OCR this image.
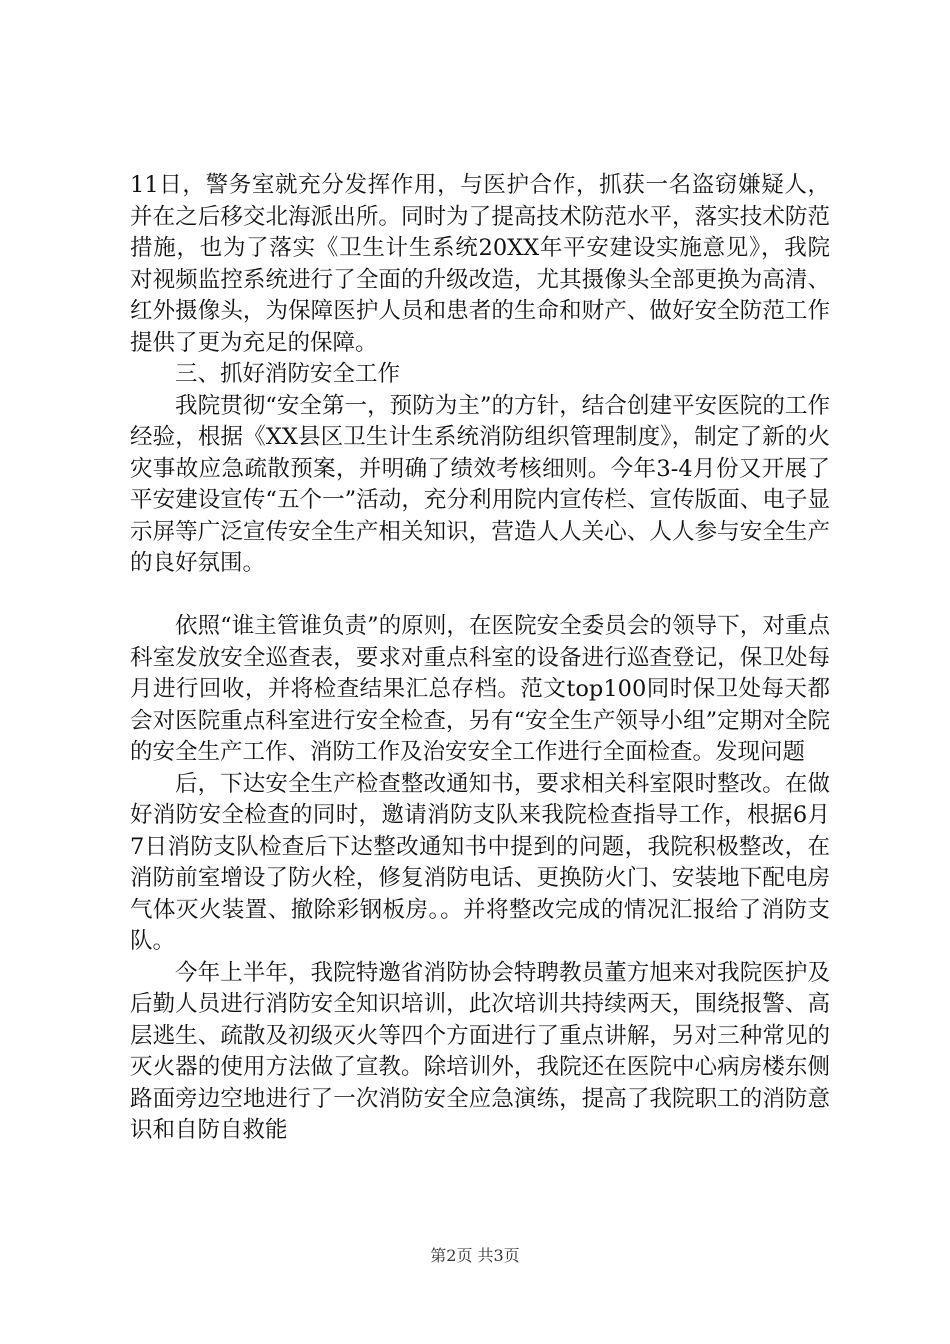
11日，警务室就充分发挥作用，与医护合作，抓获一名盗窃嫌疑人，并在之后移交北海派出所。同时为了提高技术防范水平，落实技术防范措施，也为了落实《卫生计生系统20XX年平安建设实施意见》，我院对视频监控系统进行了全面的升级改造，尤其摄像头全部更换为高清、红外摄像头，为保障医护人员和患者的生命和财产、做好安全防范工作提供了更为充足的保障。

三、抓好消防安全工作

我院贯彻“安全第一，预防为主”的方针，结合创建平安医院的工作经验，根据《XX县区卫生计生系统消防组织管理制度》，制定了新的火灾事故应急疏散预案，并明确了绩效考核细则。今年3-4月份又开展了平安建设宣传“五个一”活动，充分利用院内宣传栏、宣传版面、电子显示屏等广泛宣传安全生产相关知识，营造人人关心、人人参与安全生产的良好氛围。

依照“谁主管谁负责”的原则，在医院安全委员会的领导下，对重点科室发放安全巡查表，要求对重点科室的设备进行巡查登记，保卫处每月进行回收，并将检查结果汇总存档。范文top100同时保卫处每天都会对医院重点科室进行安全检查，另有“安全生产领导小组”定期对全院的安全生产工作、消防工作及治安安全工作进行全面检查。发现问题

后，下达安全生产检查整改通知书，要求相关科室限时整改。在做好消防安全检查的同时，邀请消防支队来我院检查指导工作，根据6月7日消防支队检查后下达整改通知书中提到的问题，我院积极整改，在消防前室增设了防火栓，修复消防电话、更换防火门、安装地下配电房气体灭火装置、撤除彩钢板房。。并将整改完成的情况汇报给了消防支队。

今年上半年，我院特邀省消防协会特聘教员董方旭来对我院医护及后勤人员进行消防安全知识培训，此次培训共持续两天，围绕报警、高层逃生、疏散及初级灭火等四个方面进行了重点讲解，另对三种常见的灭火器的使用方法做了宣教。除培训外，我院还在医院中心病房楼东侧路面旁边空地进行了一次消防安全应急演练，提高了我院职工的消防意识和自防自救能

第2页 共3页
